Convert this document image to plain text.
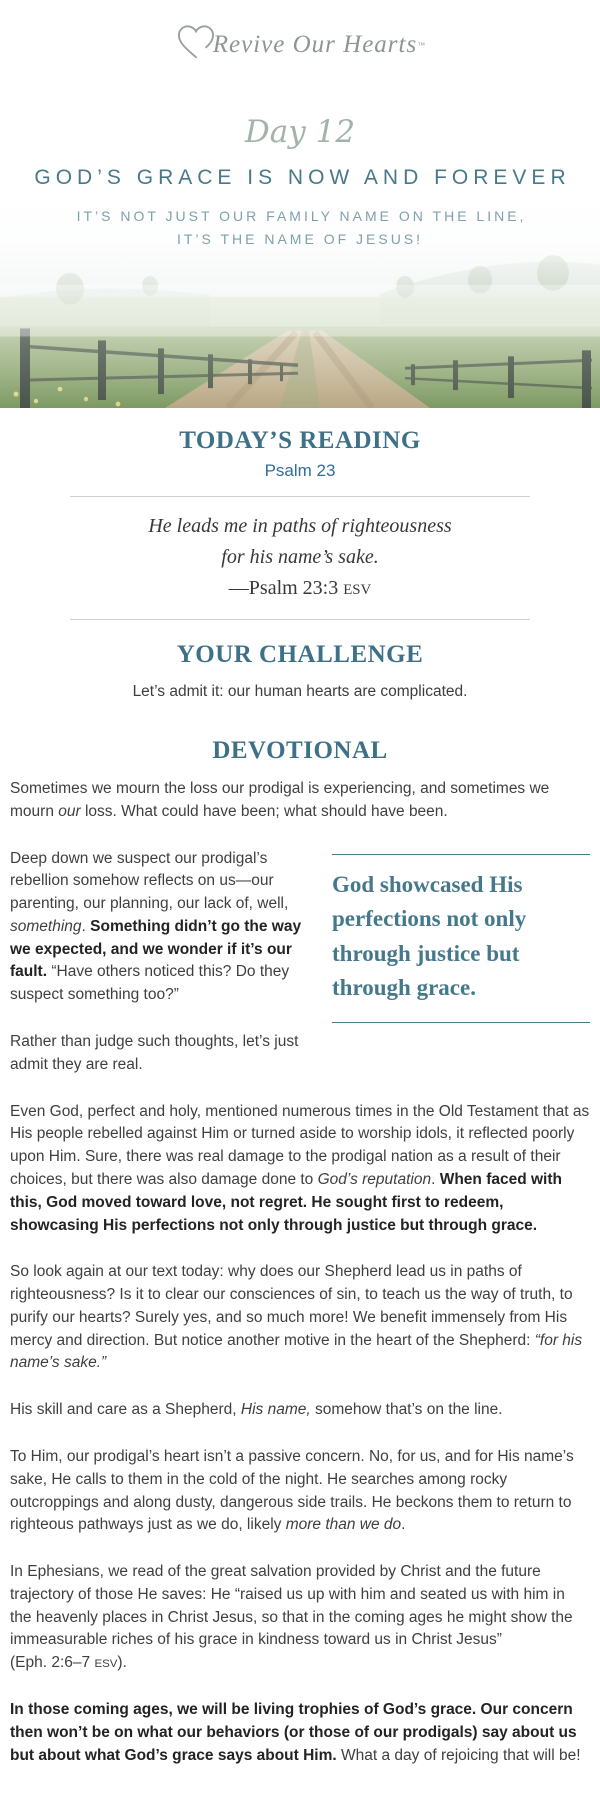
Revive Our Hearts ™
Day 12
GOD’S GRACE IS NOW AND FOREVER
IT’S NOT JUST OUR FAMILY NAME ON THE LINE,
IT’S THE NAME OF JESUS!
TODAY’S READING
Psalm 23
He leads me in paths of righteousness
for his name’s sake.
—Psalm 23:3 ESV
YOUR CHALLENGE

Let’s admit it: our human hearts are complicated.

DEVOTIONAL

Sometimes we mourn the loss our prodigal is experiencing, and sometimes we mourn our loss. What could have been; what should have been.

God showcased His perfections not only through justice but through grace.

Deep down we suspect our prodigal’s rebellion somehow reflects on us—our parenting, our planning, our lack of, well, something. Something didn’t go the way we expected, and we wonder if it’s our fault. “Have others noticed this? Do they suspect something too?”

Rather than judge such thoughts, let’s just admit they are real.

Even God, perfect and holy, mentioned numerous times in the Old Testament that as His people rebelled against Him or turned aside to worship idols, it reflected poorly upon Him. Sure, there was real damage to the prodigal nation as a result of their choices, but there was also damage done to God’s reputation. When faced with this, God moved toward love, not regret. He sought first to redeem, showcasing His perfections not only through justice but through grace.

So look again at our text today: why does our Shepherd lead us in paths of righteousness? Is it to clear our consciences of sin, to teach us the way of truth, to purify our hearts? Surely yes, and so much more! We benefit immensely from His mercy and direction. But notice another motive in the heart of the Shepherd: “for his name’s sake.”

His skill and care as a Shepherd, His name, somehow that’s on the line.

To Him, our prodigal’s heart isn’t a passive concern. No, for us, and for His name’s sake, He calls to them in the cold of the night. He searches among rocky outcroppings and along dusty, dangerous side trails. He beckons them to return to righteous pathways just as we do, likely more than we do.

In Ephesians, we read of the great salvation provided by Christ and the future trajectory of those He saves: He “raised us up with him and seated us with him in the heavenly places in Christ Jesus, so that in the coming ages he might show the immeasurable riches of his grace in kindness toward us in Christ Jesus”
(Eph. 2:6–7 ESV).

In those coming ages, we will be living trophies of God’s grace. Our concern then won’t be on what our behaviors (or those of our prodigals) say about us but about what God’s grace says about Him. What a day of rejoicing that will be!
